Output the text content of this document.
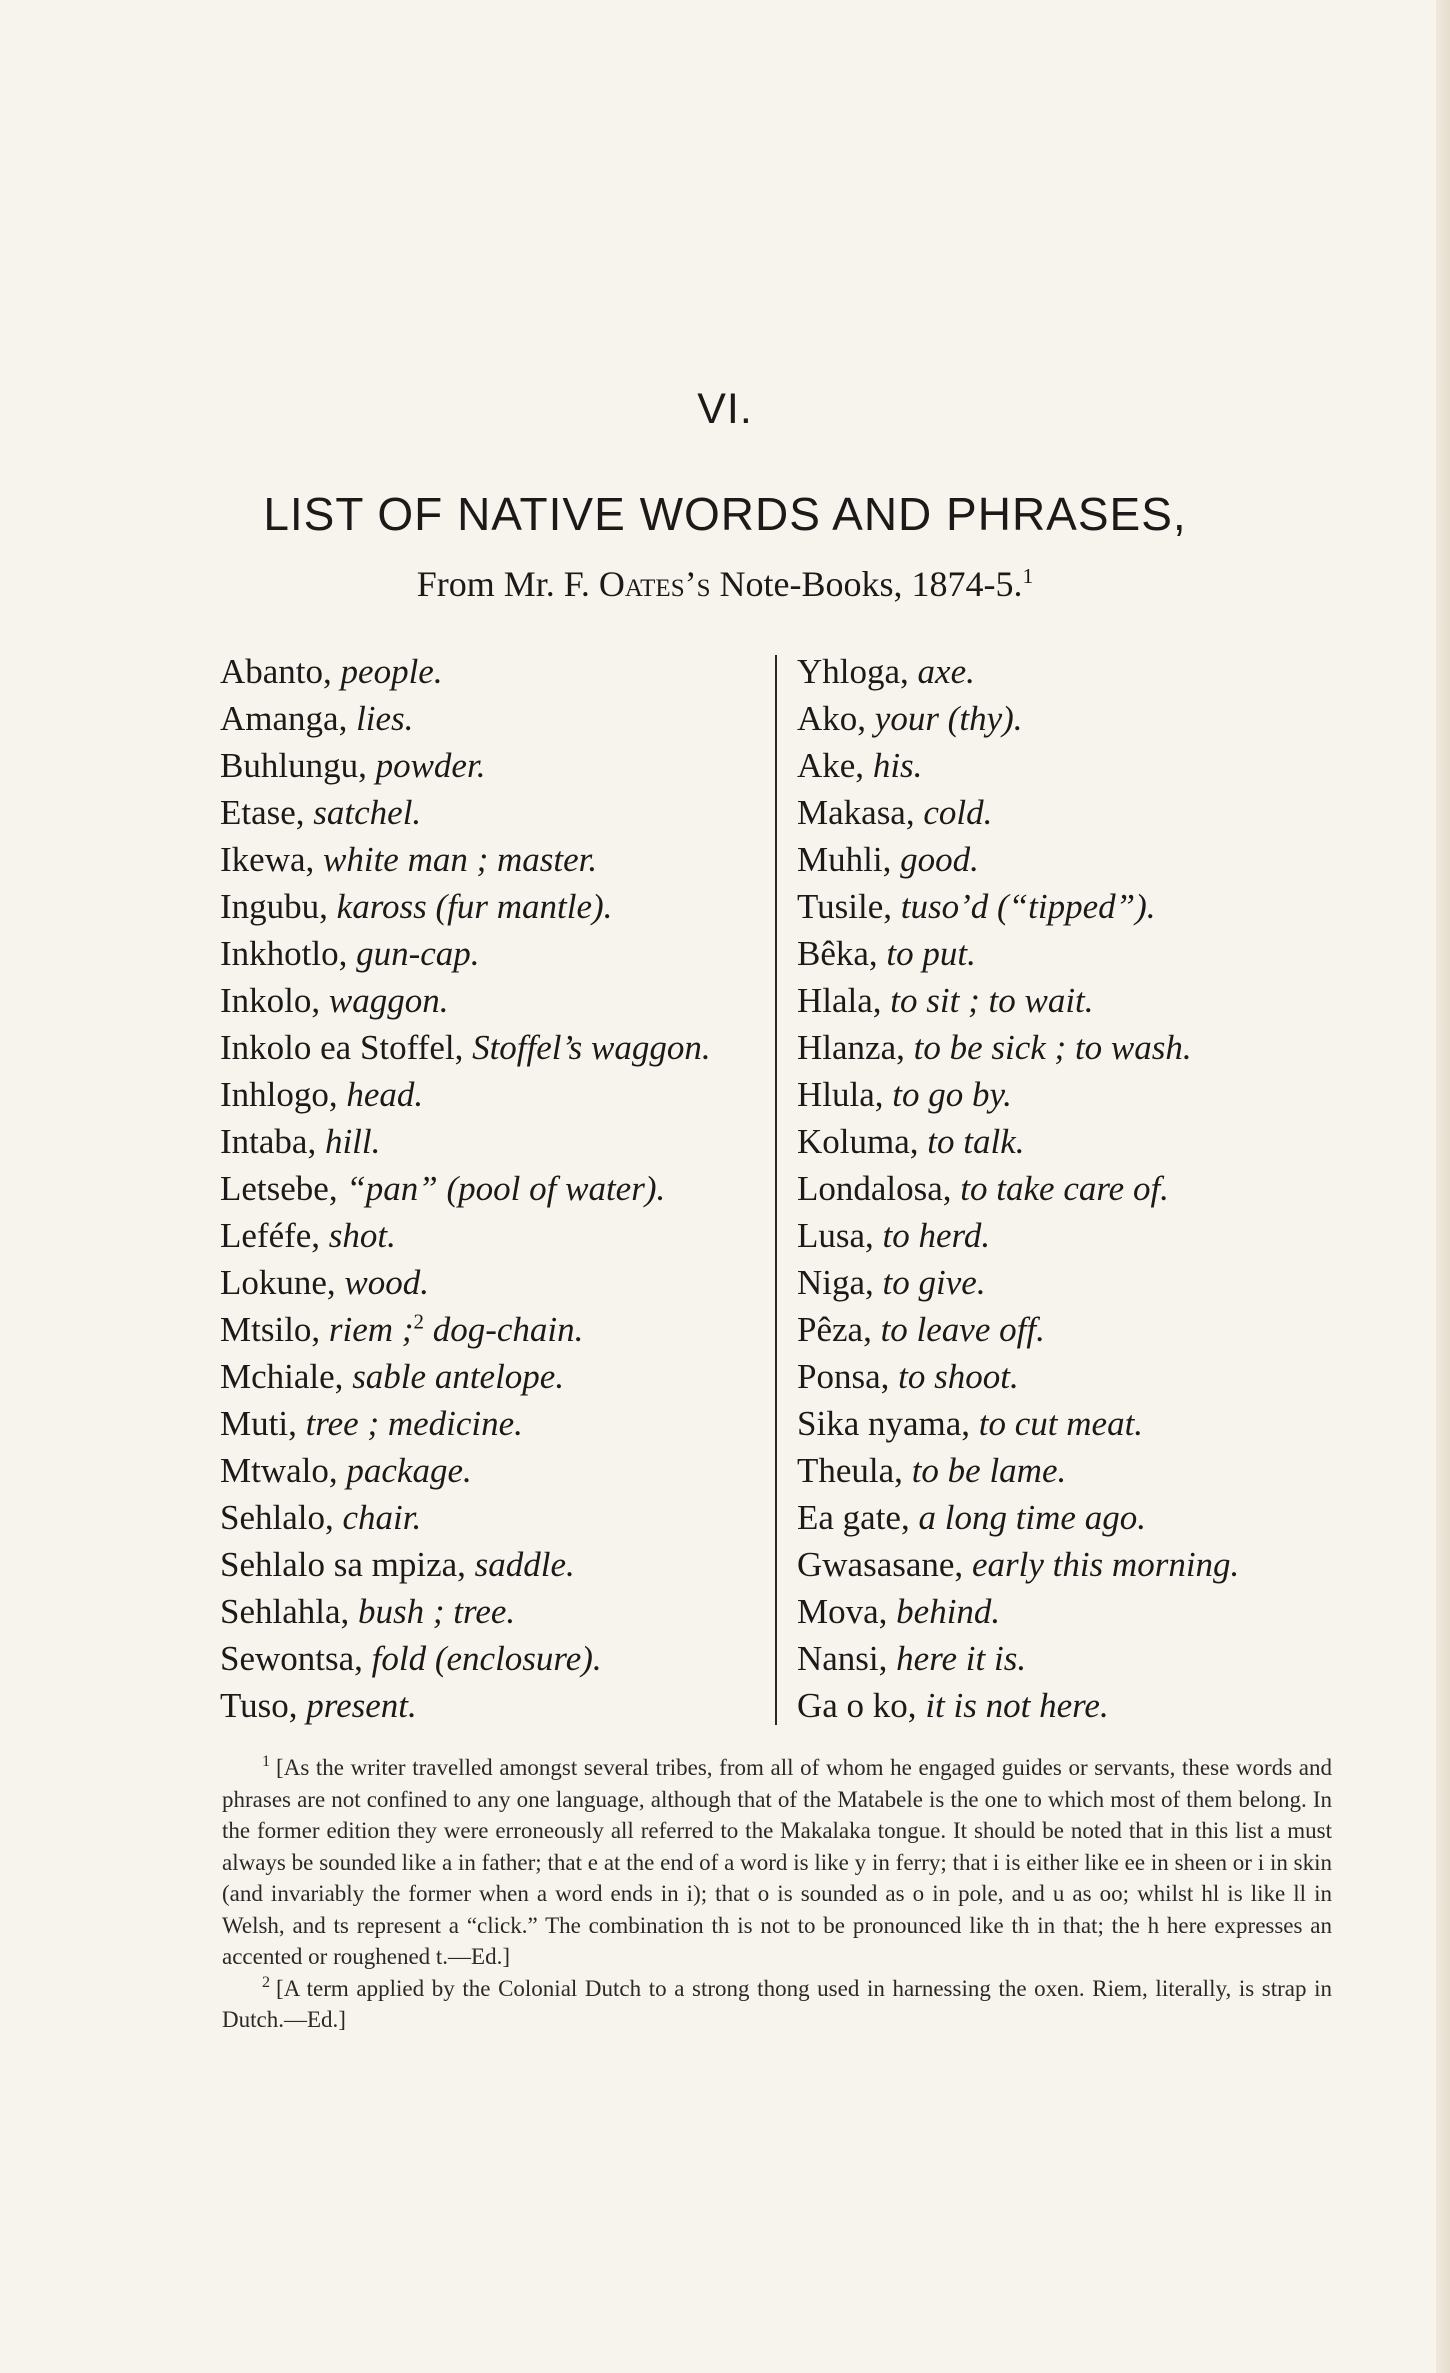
VI.
LIST OF NATIVE WORDS AND PHRASES,
From Mr. F. Oates’s Note-Books, 1874-5.$^1$
Abanto, people.
Amanga, lies.
Buhlungu, powder.
Etase, satchel.
Ikewa, white man ; master.
Ingubu, kaross (fur mantle).
Inkhotlo, gun-cap.
Inkolo, waggon.
Inkolo ea Stoffel, Stoffel’s waggon.
Inhlogo, head.
Intaba, hill.
Letsebe, “pan” (pool of water).
Leféfe, shot.
Lokune, wood.
Mtsilo, riem ;$^2$ dog-chain.
Mchiale, sable antelope.
Muti, tree ; medicine.
Mtwalo, package.
Sehlalo, chair.
Sehlalo sa mpiza, saddle.
Sehlahla, bush ; tree.
Sewontsa, fold (enclosure).
Tuso, present.
Yhloga, axe.
Ako, your (thy).
Ake, his.
Makasa, cold.
Muhli, good.
Tusile, tuso’d (“tipped”).
Bêka, to put.
Hlala, to sit ; to wait.
Hlanza, to be sick ; to wash.
Hlula, to go by.
Koluma, to talk.
Londalosa, to take care of.
Lusa, to herd.
Niga, to give.
Pêza, to leave off.
Ponsa, to shoot.
Sika nyama, to cut meat.
Theula, to be lame.
Ea gate, a long time ago.
Gwasasane, early this morning.
Mova, behind.
Nansi, here it is.
Ga o ko, it is not here.

$^1$ [As the writer travelled amongst several tribes, from all of whom he engaged guides or servants, these words and phrases are not confined to any one language, although that of the Matabele is the one to which most of them belong. In the former edition they were erroneously all referred to the Makalaka tongue. It should be noted that in this list a must always be sounded like a in father; that e at the end of a word is like y in ferry; that i is either like ee in sheen or i in skin (and invariably the former when a word ends in i); that o is sounded as o in pole, and u as oo; whilst hl is like ll in Welsh, and ts represent a “click.” The combination th is not to be pronounced like th in that; the h here expresses an accented or roughened t.—Ed.]

$^2$ [A term applied by the Colonial Dutch to a strong thong used in harnessing the oxen. Riem, literally, is strap in Dutch.—Ed.]
